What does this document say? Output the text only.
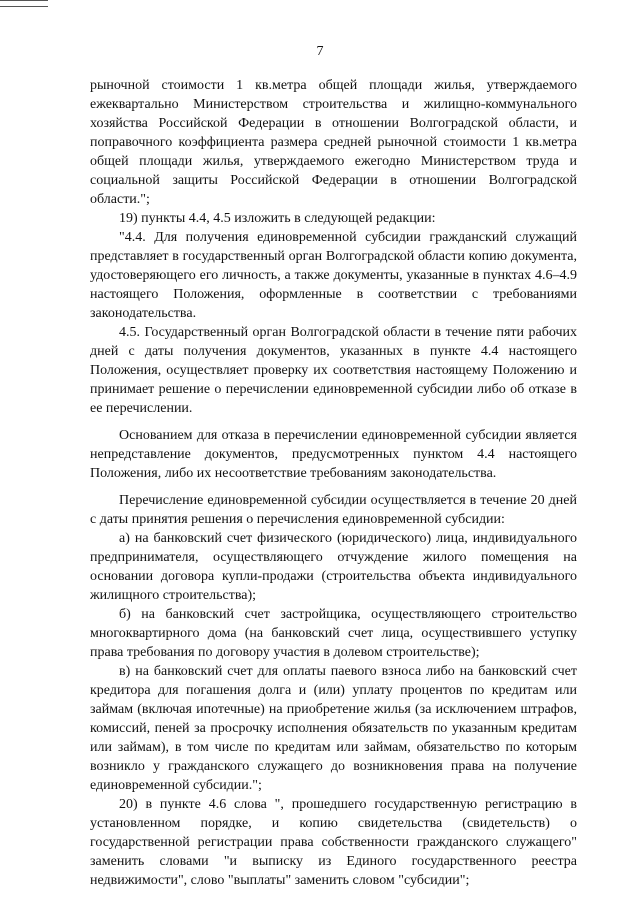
7

рыночной стоимости 1 кв.метра общей площади жилья, утверждаемого ежеквартально Министерством строительства и жилищно-коммунального хозяйства Российской Федерации в отношении Волгоградской области, и поправочного коэффициента размера средней рыночной стоимости 1 кв.метра общей площади жилья, утверждаемого ежегодно Министерством труда и социальной защиты Российской Федерации в отношении Волгоградской области.";

19) пункты 4.4, 4.5 изложить в следующей редакции:

"4.4. Для получения единовременной субсидии гражданский служащий представляет в государственный орган Волгоградской области копию документа, удостоверяющего его личность, а также документы, указанные в пунктах 4.6–4.9 настоящего Положения, оформленные в соответствии с требованиями законодательства.

4.5. Государственный орган Волгоградской области в течение пяти рабочих дней с даты получения документов, указанных в пункте 4.4 настоящего Положения, осуществляет проверку их соответствия настоящему Положению и принимает решение о перечислении единовременной субсидии либо об отказе в ее перечислении.

Основанием для отказа в перечислении единовременной субсидии является непредставление документов, предусмотренных пунктом 4.4 настоящего Положения, либо их несоответствие требованиям законодательства.

Перечисление единовременной субсидии осуществляется в течение 20 дней с даты принятия решения о перечисления единовременной субсидии:

а) на банковский счет физического (юридического) лица, индивидуального предпринимателя, осуществляющего отчуждение жилого помещения на основании договора купли-продажи (строительства объекта индивидуального жилищного строительства);

б) на банковский счет застройщика, осуществляющего строительство многоквартирного дома (на банковский счет лица, осуществившего уступку права требования по договору участия в долевом строительстве);

в) на банковский счет для оплаты паевого взноса либо на банковский счет кредитора для погашения долга и (или) уплату процентов по кредитам или займам (включая ипотечные) на приобретение жилья (за исключением штрафов, комиссий, пеней за просрочку исполнения обязательств по указанным кредитам или займам), в том числе по кредитам или займам, обязательство по которым возникло у гражданского служащего до возникновения права на получение единовременной субсидии.";

20) в пункте 4.6 слова ", прошедшего государственную регистрацию в установленном порядке, и копию свидетельства (свидетельств) о государственной регистрации права собственности гражданского служащего" заменить словами "и выписку из Единого государственного реестра недвижимости", слово "выплаты" заменить словом "субсидии";
